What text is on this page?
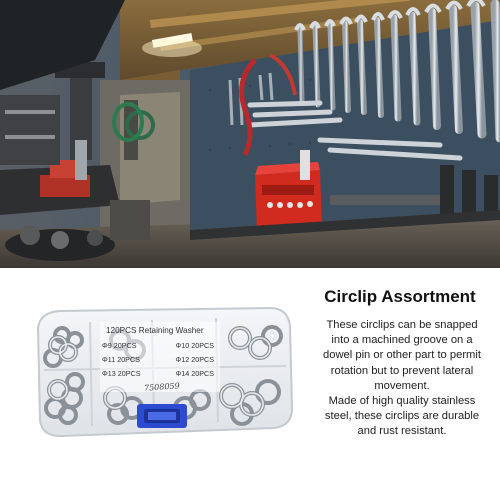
120PCS Retaining Washer
Φ9 20PCS	Φ10 20PCS
Φ11 20PCS	Φ12 20PCS
Φ13 20PCS	Φ14 20PCS
7508059
Circlip Assortment

These circlips can be snapped into a machined groove on a dowel pin or other part to permit rotation but to prevent lateral movement.

Made of high quality stainless steel, these circlips are durable and rust resistant.
